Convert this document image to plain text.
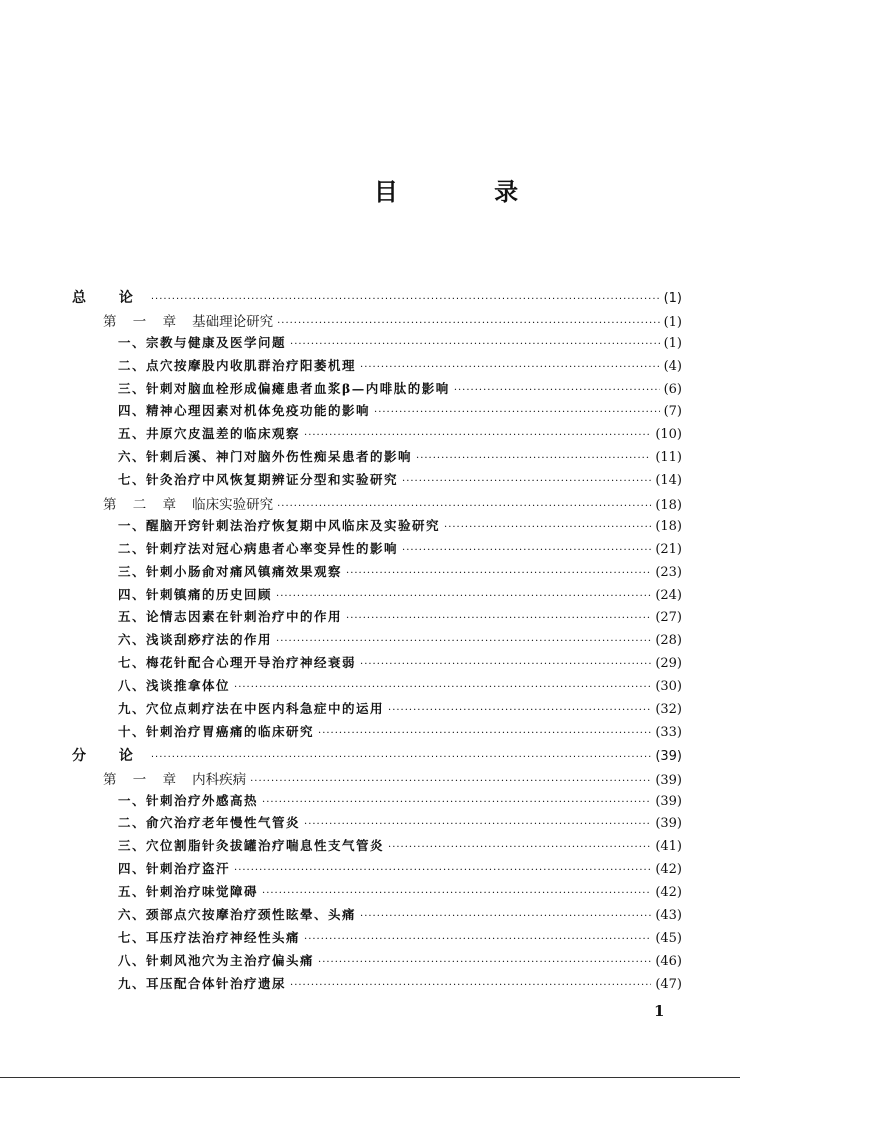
目 录
总 论 ·····	(1)
第 一 章 基础理论研究 ·····	(1)
一、宗教与健康及医学问题 ·····	(1)
二、点穴按摩股内收肌群治疗阳萎机理 ·····	(4)
三、针刺对脑血栓形成偏瘫患者血浆β—内啡肽的影响 ·····	(6)
四、精神心理因素对机体免疫功能的影响 ·····	(7)
五、井原穴皮温差的临床观察 ·····	(10)
六、针刺后溪、神门对脑外伤性痴呆患者的影响 ·····	(11)
七、针灸治疗中风恢复期辨证分型和实验研究 ·····	(14)
第 二 章 临床实验研究 ·····	(18)
一、醒脑开窍针刺法治疗恢复期中风临床及实验研究 ·····	(18)
二、针刺疗法对冠心病患者心率变异性的影响 ·····	(21)
三、针刺小肠俞对痛风镇痛效果观察 ·····	(23)
四、针刺镇痛的历史回顾 ·····	(24)
五、论情志因素在针刺治疗中的作用 ·····	(27)
六、浅谈刮痧疗法的作用 ·····	(28)
七、梅花针配合心理开导治疗神经衰弱 ·····	(29)
八、浅谈推拿体位 ·····	(30)
九、穴位点刺疗法在中医内科急症中的运用 ·····	(32)
十、针刺治疗胃癌痛的临床研究 ·····	(33)
分 论 ·····	(39)
第 一 章 内科疾病 ·····	(39)
一、针刺治疗外感高热 ·····	(39)
二、俞穴治疗老年慢性气管炎 ·····	(39)
三、穴位割脂针灸拔罐治疗喘息性支气管炎 ·····	(41)
四、针刺治疗盗汗 ·····	(42)
五、针刺治疗味觉障碍 ·····	(42)
六、颈部点穴按摩治疗颈性眩晕、头痛 ·····	(43)
七、耳压疗法治疗神经性头痛 ·····	(45)
八、针刺风池穴为主治疗偏头痛 ·····	(46)
九、耳压配合体针治疗遗尿 ·····	(47)
1
